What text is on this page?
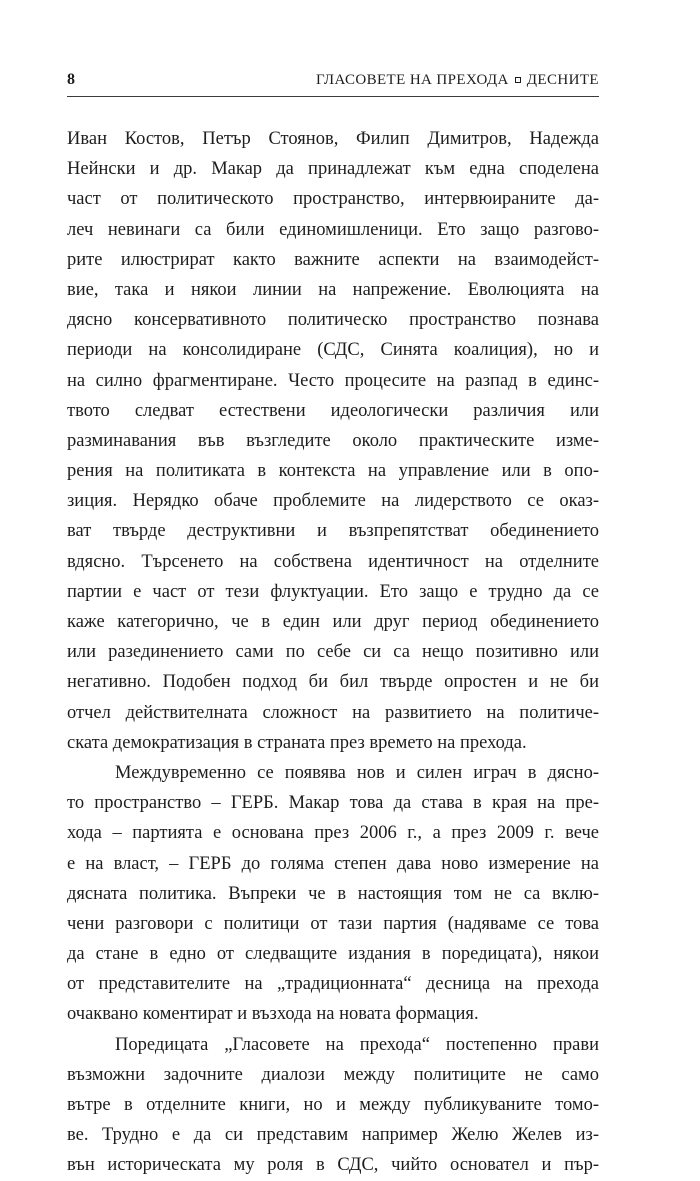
8	ГЛАСОВЕТЕ НА ПРЕХОДА ДЕСНИТЕ
Иван Костов, Петър Стоянов, Филип Димитров, Надежда
Нейнски и др. Макар да принадлежат към една споделена
част от политическото пространство, интервюираните да-
леч невинаги са били единомишленици. Ето защо разгово-
рите илюстрират както важните аспекти на взаимодейст-
вие, така и някои линии на напрежение. Еволюцията на
дясно консервативното политическо пространство познава
периоди на консолидиране (СДС, Синята коалиция), но и
на силно фрагментиране. Често процесите на разпад в единс-
твото следват естествени идеологически различия или
разминавания във възгледите около практическите изме-
рения на политиката в контекста на управление или в опо-
зиция. Нерядко обаче проблемите на лидерството се оказ-
ват твърде деструктивни и възпрепятстват обединението
вдясно. Търсенето на собствена идентичност на отделните
партии е част от тези флуктуации. Ето защо е трудно да се
каже категорично, че в един или друг период обединението
или разединението сами по себе си са нещо позитивно или
негативно. Подобен подход би бил твърде опростен и не би
отчел действителната сложност на развитието на политиче-
ската демократизация в страната през времето на прехода.
Междувременно се появява нов и силен играч в дясно-
то пространство – ГЕРБ. Макар това да става в края на пре-
хода – партията е основана през 2006 г., а през 2009 г. вече
е на власт, – ГЕРБ до голяма степен дава ново измерение на
дясната политика. Въпреки че в настоящия том не са вклю-
чени разговори с политици от тази партия (надяваме се това
да стане в едно от следващите издания в поредицата), някои
от представителите на „традиционната“ десница на прехода
очаквано коментират и възхода на новата формация.
Поредицата „Гласовете на прехода“ постепенно прави
възможни задочните диалози между политиците не само
вътре в отделните книги, но и между публикуваните томо-
ве. Трудно е да си представим например Желю Желев из-
вън историческата му роля в СДС, чийто основател и пър-
